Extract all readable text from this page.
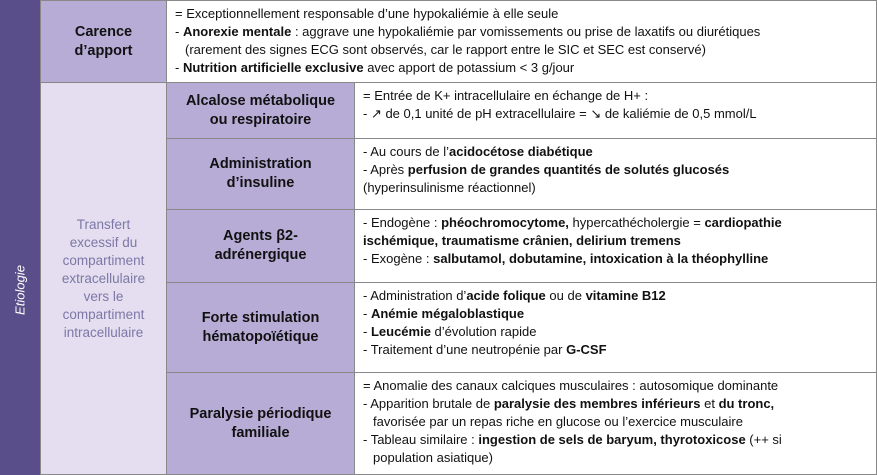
Etiologie
Carence
d’apport
= Exceptionnellement responsable d’une hypokaliémie à elle seule
- Anorexie mentale : aggrave une hypokaliémie par vomissements ou prise de laxatifs ou diurétiques
(rarement des signes ECG sont observés, car le rapport entre le SIC et SEC est conservé)
- Nutrition artificielle exclusive avec apport de potassium < 3 g/jour
Transfert
excessif du
compartiment
extracellulaire
vers le
compartiment
intracellulaire
Alcalose métabolique
ou respiratoire
= Entrée de K+ intracellulaire en échange de H+ :
- ↗ de 0,1 unité de pH extracellulaire = ↘ de kaliémie de 0,5 mmol/L
Administration
d’insuline
- Au cours de l’acidocétose diabétique
- Après perfusion de grandes quantités de solutés glucosés
(hyperinsulinisme réactionnel)
Agents β2-
adrénergique
- Endogène : phéochromocytome, hypercathécholergie = cardiopathie
ischémique, traumatisme crânien, delirium tremens
- Exogène : salbutamol, dobutamine, intoxication à la théophylline
Forte stimulation
hématopoïétique
- Administration d’acide folique ou de vitamine B12
- Anémie mégaloblastique
- Leucémie d’évolution rapide
- Traitement d’une neutropénie par G-CSF
Paralysie périodique
familiale
= Anomalie des canaux calciques musculaires : autosomique dominante
- Apparition brutale de paralysie des membres inférieurs et du tronc,
favorisée par un repas riche en glucose ou l’exercice musculaire
- Tableau similaire : ingestion de sels de baryum, thyrotoxicose (++ si
population asiatique)
